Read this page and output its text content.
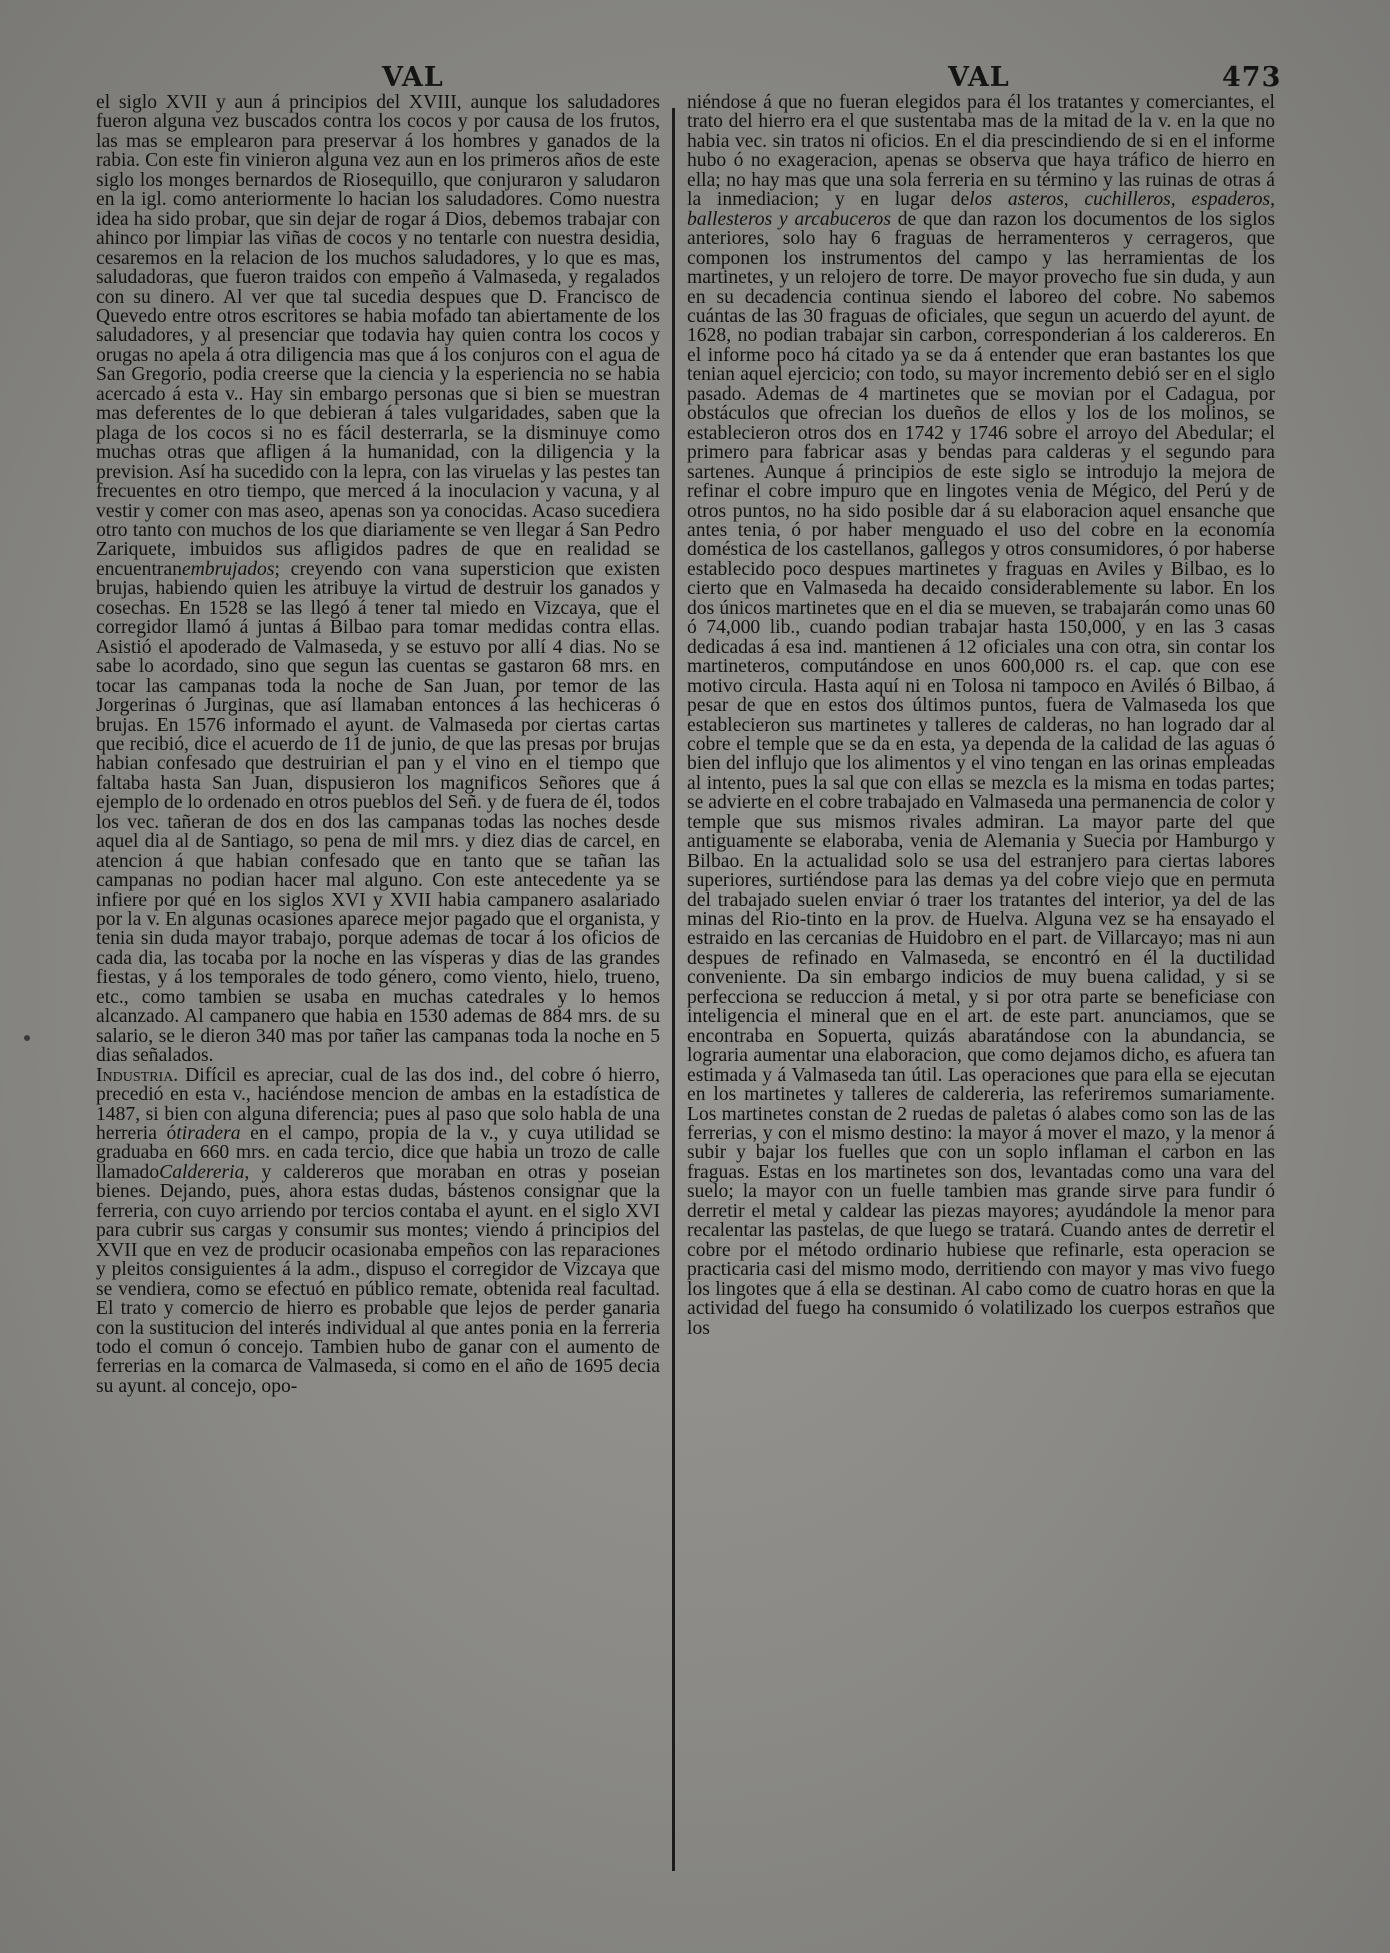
VAL	VAL	473

el siglo XVII y aun á principios del XVIII, aunque los saludadores fueron alguna vez buscados contra los cocos y por causa de los frutos, las mas se emplearon para preservar á los hombres y ganados de la rabia. Con este fin vinieron alguna vez aun en los primeros años de este siglo los monges bernardos de Riosequillo, que conjuraron y saludaron en la igl. como anteriormente lo hacian los saludadores. Como nuestra idea ha sido probar, que sin dejar de rogar á Dios, debemos trabajar con ahinco por limpiar las viñas de cocos y no tentarle con nuestra desidia, cesaremos en la relacion de los muchos saludadores, y lo que es mas, saludadoras, que fueron traidos con empeño á Valmaseda, y regalados con su dinero. Al ver que tal sucedia despues que D. Francisco de Quevedo entre otros escritores se habia mofado tan abiertamente de los saludadores, y al presenciar que todavia hay quien contra los cocos y orugas no apela á otra diligencia mas que á los conjuros con el agua de San Gregorio, podia creerse que la ciencia y la esperiencia no se habia acercado á esta v.. Hay sin embargo personas que si bien se muestran mas deferentes de lo que debieran á tales vulgaridades, saben que la plaga de los cocos si no es fácil desterrarla, se la disminuye como muchas otras que afligen á la humanidad, con la diligencia y la prevision. Así ha sucedido con la lepra, con las viruelas y las pestes tan frecuentes en otro tiempo, que merced á la inoculacion y vacuna, y al vestir y comer con mas aseo, apenas son ya conocidas. Acaso sucediera otro tanto con muchos de los que diariamente se ven llegar á San Pedro Zariquete, imbuidos sus afligidos padres de que en realidad se encuentranembrujados; creyendo con vana supersticion que existen brujas, habiendo quien les atribuye la virtud de destruir los ganados y cosechas. En 1528 se las llegó á tener tal miedo en Vizcaya, que el corregidor llamó á juntas á Bilbao para tomar medidas contra ellas. Asistió el apoderado de Valmaseda, y se estuvo por allí 4 dias. No se sabe lo acordado, sino que segun las cuentas se gastaron 68 mrs. en tocar las campanas toda la noche de San Juan, por temor de las Jorgerinas ó Jurginas, que así llamaban entonces á las hechiceras ó brujas. En 1576 informado el ayunt. de Valmaseda por ciertas cartas que recibió, dice el acuerdo de 11 de junio, de que las presas por brujas habian confesado que destruirian el pan y el vino en el tiempo que faltaba hasta San Juan, dispusieron los magnificos Señores que á ejemplo de lo ordenado en otros pueblos del Señ. y de fuera de él, todos los vec. tañeran de dos en dos las campanas todas las noches desde aquel dia al de Santiago, so pena de mil mrs. y diez dias de carcel, en atencion á que habian confesado que en tanto que se tañan las campanas no podian hacer mal alguno. Con este antecedente ya se infiere por qué en los siglos XVI y XVII habia campanero asalariado por la v. En algunas ocasiones aparece mejor pagado que el organista, y tenia sin duda mayor trabajo, porque ademas de tocar á los oficios de cada dia, las tocaba por la noche en las vísperas y dias de las grandes fiestas, y á los temporales de todo género, como viento, hielo, trueno, etc., como tambien se usaba en muchas catedrales y lo hemos alcanzado. Al campanero que habia en 1530 ademas de 884 mrs. de su salario, se le dieron 340 mas por tañer las campanas toda la noche en 5 dias señalados.
Industria. Difícil es apreciar, cual de las dos ind., del cobre ó hierro, precedió en esta v., haciéndose mencion de ambas en la estadística de 1487, si bien con alguna diferencia; pues al paso que solo habla de una herreria ótiradera en el campo, propia de la v., y cuya utilidad se graduaba en 660 mrs. en cada tercio, dice que habia un trozo de calle llamadoCaldereria, y caldereros que moraban en otras y poseian bienes. Dejando, pues, ahora estas dudas, bástenos consignar que la ferreria, con cuyo arriendo por tercios contaba el ayunt. en el siglo XVI para cubrir sus cargas y consumir sus montes; viendo á principios del XVII que en vez de producir ocasionaba empeños con las reparaciones y pleitos consiguientes á la adm., dispuso el corregidor de Vizcaya que se vendiera, como se efectuó en público remate, obtenida real facultad. El trato y comercio de hierro es probable que lejos de perder ganaria con la sustitucion del interés individual al que antes ponia en la ferreria todo el comun ó concejo. Tambien hubo de ganar con el aumento de ferrerias en la comarca de Valmaseda, si como en el año de 1695 decia su ayunt. al concejo, opo-

niéndose á que no fueran elegidos para él los tratantes y comerciantes, el trato del hierro era el que sustentaba mas de la mitad de la v. en la que no habia vec. sin tratos ni oficios. En el dia prescindiendo de si en el informe hubo ó no exageracion, apenas se observa que haya tráfico de hierro en ella; no hay mas que una sola ferreria en su término y las ruinas de otras á la inmediacion; y en lugar delos asteros, cuchilleros, espaderos, ballesteros y arcabuceros de que dan razon los documentos de los siglos anteriores, solo hay 6 fraguas de herramenteros y cerrageros, que componen los instrumentos del campo y las herramientas de los martinetes, y un relojero de torre. De mayor provecho fue sin duda, y aun en su decadencia continua siendo el laboreo del cobre. No sabemos cuántas de las 30 fraguas de oficiales, que segun un acuerdo del ayunt. de 1628, no podian trabajar sin carbon, corresponderian á los caldereros. En el informe poco há citado ya se da á entender que eran bastantes los que tenian aquel ejercicio; con todo, su mayor incremento debió ser en el siglo pasado. Ademas de 4 martinetes que se movian por el Cadagua, por obstáculos que ofrecian los dueños de ellos y los de los molinos, se establecieron otros dos en 1742 y 1746 sobre el arroyo del Abedular; el primero para fabricar asas y bendas para calderas y el segundo para sartenes. Aunque á principios de este siglo se introdujo la mejora de refinar el cobre impuro que en lingotes venia de Mégico, del Perú y de otros puntos, no ha sido posible dar á su elaboracion aquel ensanche que antes tenia, ó por haber menguado el uso del cobre en la economía doméstica de los castellanos, gallegos y otros consumidores, ó por haberse establecido poco despues martinetes y fraguas en Aviles y Bilbao, es lo cierto que en Valmaseda ha decaido considerablemente su labor. En los dos únicos martinetes que en el dia se mueven, se trabajarán como unas 60 ó 74,000 lib., cuando podian trabajar hasta 150,000, y en las 3 casas dedicadas á esa ind. mantienen á 12 oficiales una con otra, sin contar los martineteros, computándose en unos 600,000 rs. el cap. que con ese motivo circula. Hasta aquí ni en Tolosa ni tampoco en Avilés ó Bilbao, á pesar de que en estos dos últimos puntos, fuera de Valmaseda los que establecieron sus martinetes y talleres de calderas, no han logrado dar al cobre el temple que se da en esta, ya dependa de la calidad de las aguas ó bien del influjo que los alimentos y el vino tengan en las orinas empleadas al intento, pues la sal que con ellas se mezcla es la misma en todas partes; se advierte en el cobre trabajado en Valmaseda una permanencia de color y temple que sus mismos rivales admiran. La mayor parte del que antiguamente se elaboraba, venia de Alemania y Suecia por Hamburgo y Bilbao. En la actualidad solo se usa del estranjero para ciertas labores superiores, surtiéndose para las demas ya del cobre viejo que en permuta del trabajado suelen enviar ó traer los tratantes del interior, ya del de las minas del Rio-tinto en la prov. de Huelva. Alguna vez se ha ensayado el estraido en las cercanias de Huidobro en el part. de Villarcayo; mas ni aun despues de refinado en Valmaseda, se encontró en él la ductilidad conveniente. Da sin embargo indicios de muy buena calidad, y si se perfecciona se reduccion á metal, y si por otra parte se beneficiase con inteligencia el mineral que en el art. de este part. anunciamos, que se encontraba en Sopuerta, quizás abaratándose con la abundancia, se lograria aumentar una elaboracion, que como dejamos dicho, es afuera tan estimada y á Valmaseda tan útil. Las operaciones que para ella se ejecutan en los martinetes y talleres de caldereria, las referiremos sumariamente. Los martinetes constan de 2 ruedas de paletas ó alabes como son las de las ferrerias, y con el mismo destino: la mayor á mover el mazo, y la menor á subir y bajar los fuelles que con un soplo inflaman el carbon en las fraguas. Estas en los martinetes son dos, levantadas como una vara del suelo; la mayor con un fuelle tambien mas grande sirve para fundir ó derretir el metal y caldear las piezas mayores; ayudándole la menor para recalentar las pastelas, de que luego se tratará. Cuando antes de derretir el cobre por el método ordinario hubiese que refinarle, esta operacion se practicaria casi del mismo modo, derritiendo con mayor y mas vivo fuego los lingotes que á ella se destinan. Al cabo como de cuatro horas en que la actividad del fuego ha consumido ó volatilizado los cuerpos estraños que los
